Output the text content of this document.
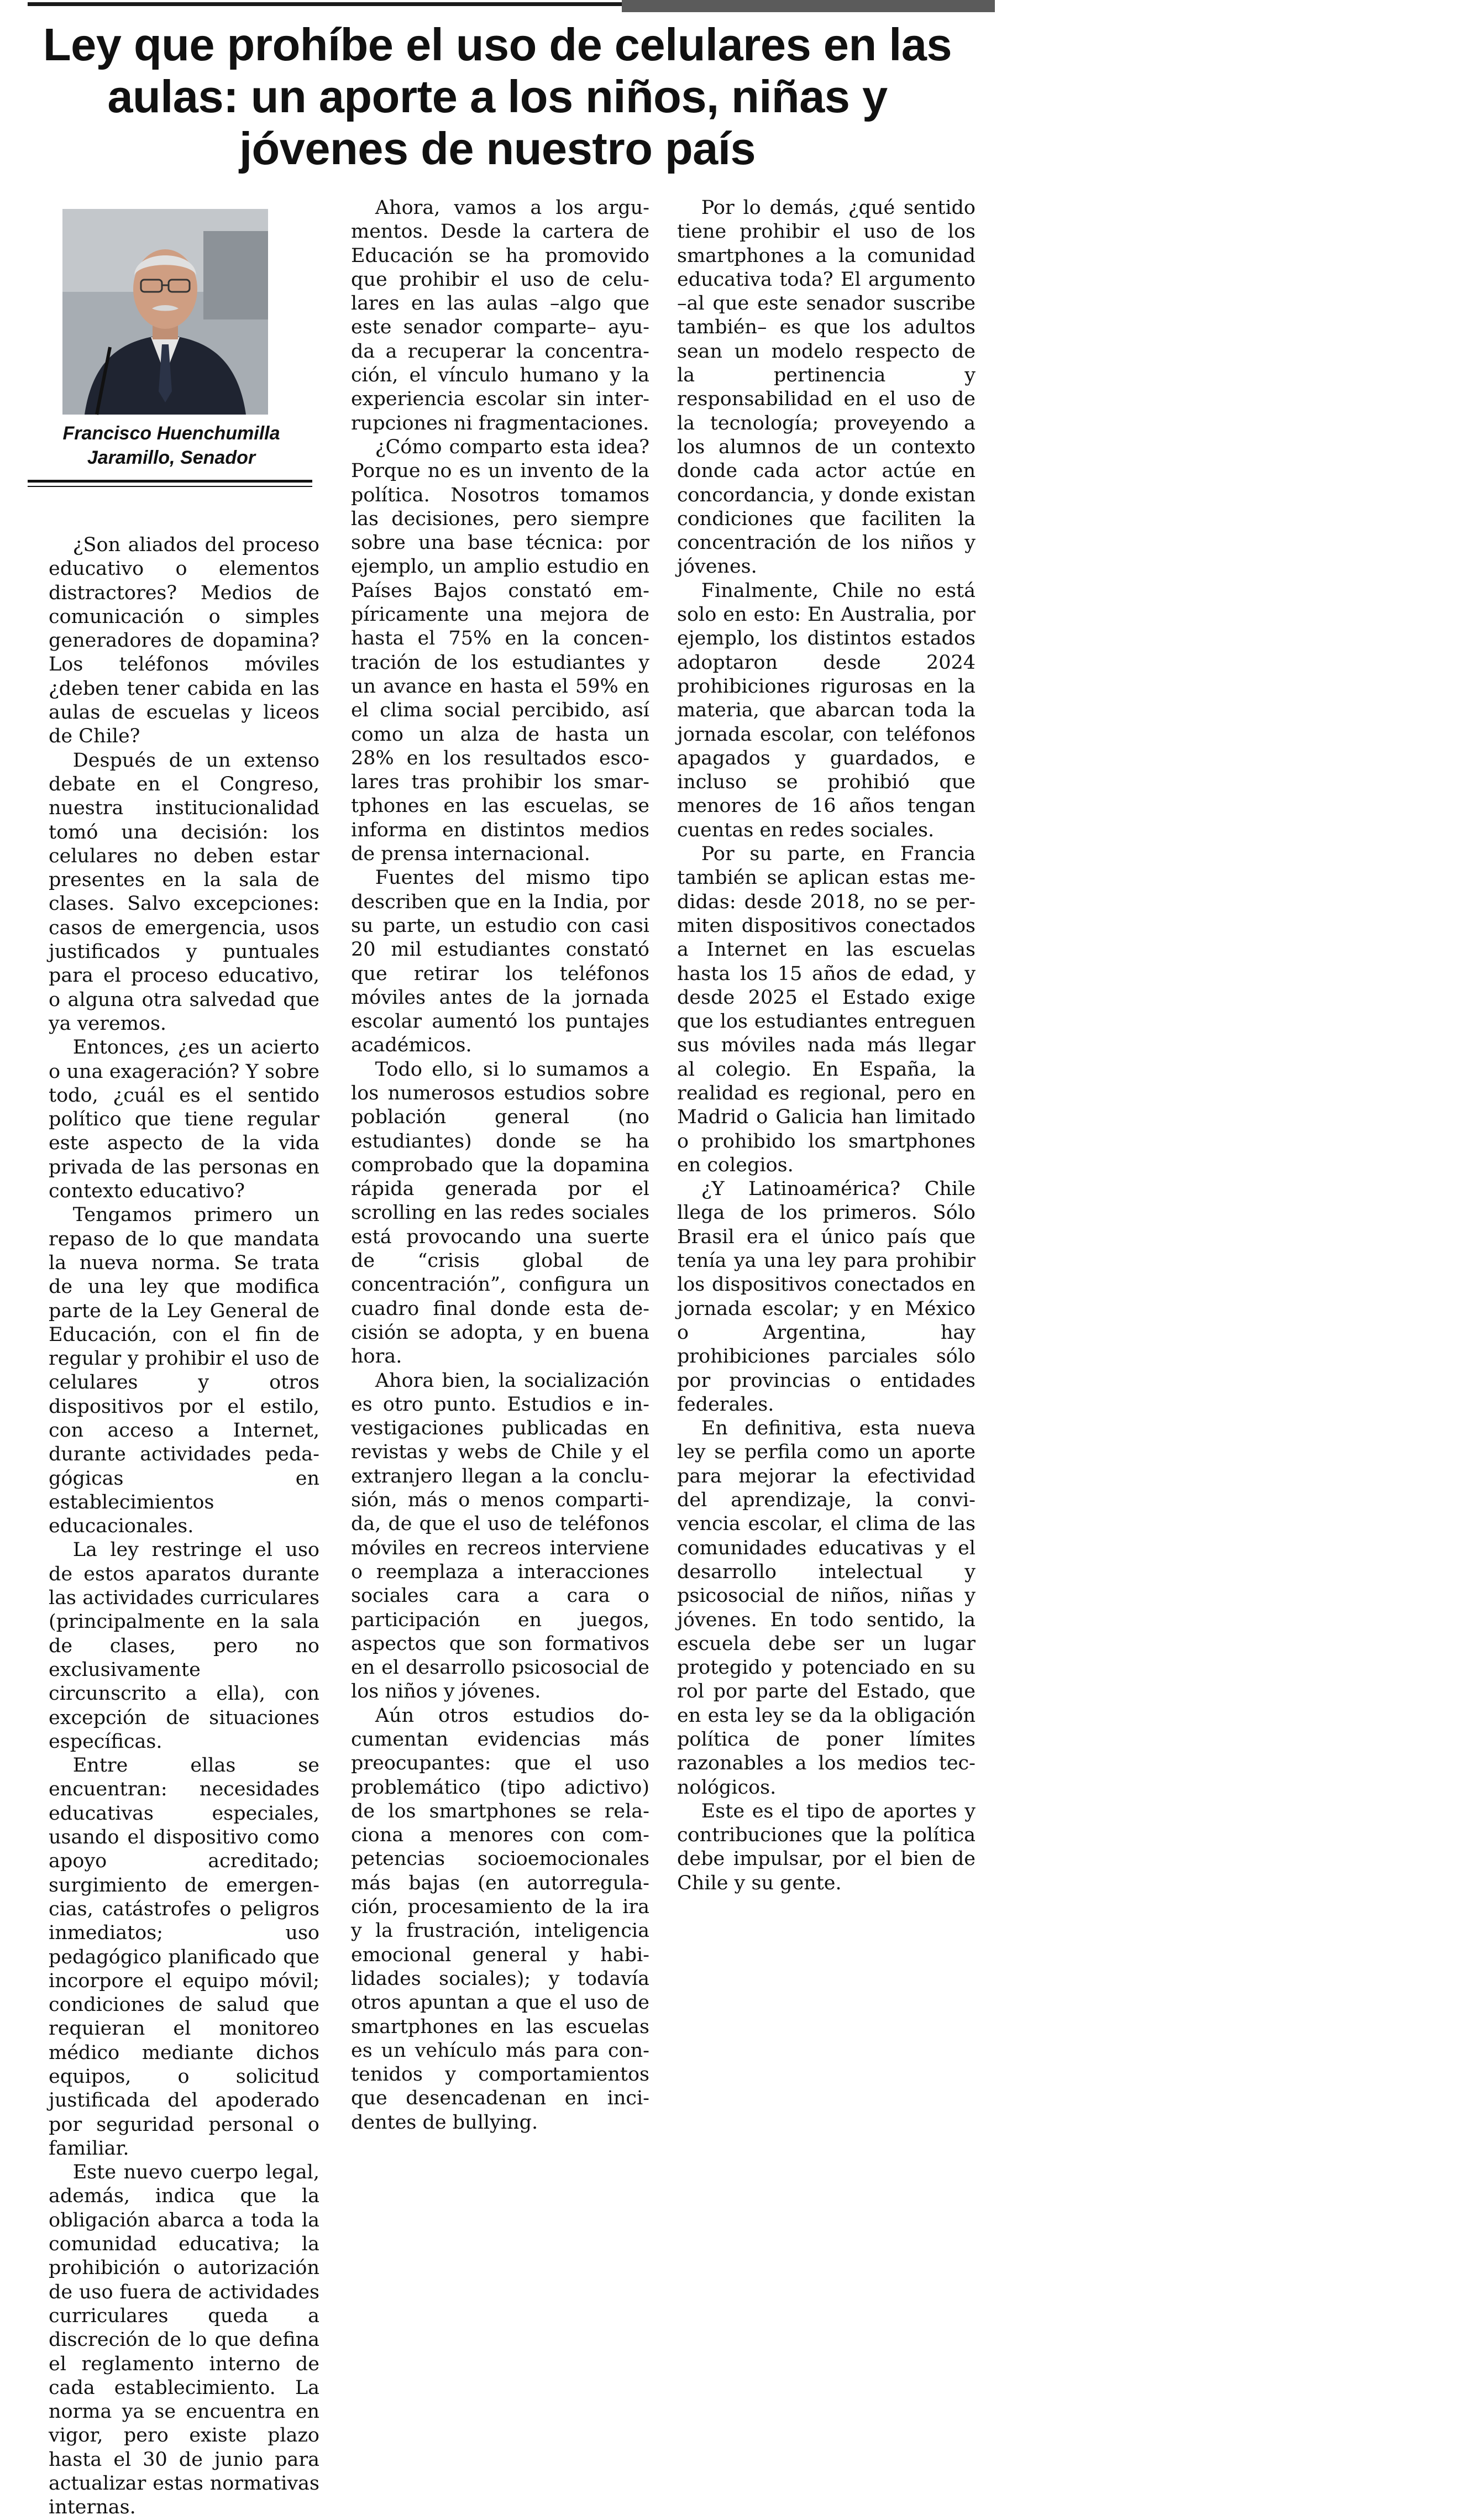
✿
Ley que prohíbe el uso de celulares en las aulas: un aporte a los niños, niñas y jóvenes de nuestro país
Francisco Huenchumilla Jaramillo, Senador

¿Son aliados del proceso educativo o elementos distractores? Medios de comunicación o simples generadores de dopamina? Los teléfonos móviles ¿deben tener cabida en las aulas de escuelas y liceos de Chile?

Después de un extenso debate en el Congreso, nuestra institucionalidad tomó una decisión: los celulares no deben estar presentes en la sala de clases. Salvo excepciones: casos de emergencia, usos justificados y puntuales para el proceso educativo, o alguna otra salvedad que ya veremos.

Entonces, ¿es un acierto o una exageración? Y sobre todo, ¿cuál es el sentido político que tiene regular este aspecto de la vida privada de las personas en contexto educativo?

Tengamos primero un repaso de lo que mandata la nueva norma. Se trata de una ley que modifica parte de la Ley General de Educación, con el fin de regular y prohibir el uso de celulares y otros dispositivos por el estilo, con acceso a Internet, durante actividades pedagógicas en establecimientos educacionales.

La ley restringe el uso de estos aparatos durante las actividades curriculares (principalmente en la sala de clases, pero no exclusivamente circunscrito a ella), con excepción de situaciones específicas.

Entre ellas se encuentran: necesidades educativas especiales, usando el dispositivo como apoyo acreditado; surgimiento de emergencias, catástrofes o peligros inmediatos; uso pedagógico planificado que incorpore el equipo móvil; condiciones de salud que requieran el monitoreo médico mediante dichos equipos, o solicitud justificada del apoderado por seguridad personal o familiar.

Este nuevo cuerpo legal, además, indica que la obligación abarca a toda la comunidad educativa; la prohibición o autorización de uso fuera de actividades curriculares queda a discreción de lo que defina el reglamento interno de cada establecimiento. La norma ya se encuentra en vigor, pero existe plazo hasta el 30 de junio para actualizar estas normativas internas.

Ahora, vamos a los argumentos. Desde la cartera de Educación se ha promovido que prohibir el uso de celulares en las aulas –algo que este senador comparte– ayuda a recuperar la concentración, el vínculo humano y la experiencia escolar sin interrupciones ni fragmentaciones.

¿Cómo comparto esta idea? Porque no es un invento de la política. Nosotros tomamos las decisiones, pero siempre sobre una base técnica: por ejemplo, un amplio estudio en Países Bajos constató empíricamente una mejora de hasta el 75% en la concentración de los estudiantes y un avance en hasta el 59% en el clima social percibido, así como un alza de hasta un 28% en los resultados escolares tras prohibir los smartphones en las escuelas, se informa en distintos medios de prensa internacional.

Fuentes del mismo tipo describen que en la India, por su parte, un estudio con casi 20 mil estudiantes constató que retirar los teléfonos móviles antes de la jornada escolar aumentó los puntajes académicos.

Todo ello, si lo sumamos a los numerosos estudios sobre población general (no estudiantes) donde se ha comprobado que la dopamina rápida generada por el scrolling en las redes sociales está provocando una suerte de “crisis global de concentración”, configura un cuadro final donde esta decisión se adopta, y en buena hora.

Ahora bien, la socialización es otro punto. Estudios e investigaciones publicadas en revistas y webs de Chile y el extranjero llegan a la conclusión, más o menos compartida, de que el uso de teléfonos móviles en recreos interviene o reemplaza a interacciones sociales cara a cara o participación en juegos, aspectos que son formativos en el desarrollo psicosocial de los niños y jóvenes.

Aún otros estudios documentan evidencias más preocupantes: que el uso problemático (tipo adictivo) de los smartphones se relaciona a menores con competencias socioemocionales más bajas (en autorregulación, procesamiento de la ira y la frustración, inteligencia emocional general y habilidades sociales); y todavía otros apuntan a que el uso de smartphones en las escuelas es un vehículo más para contenidos y comportamientos que desencadenan en incidentes de bullying.

Por lo demás, ¿qué sentido tiene prohibir el uso de los smartphones a la comunidad educativa toda? El argumento –al que este senador suscribe también– es que los adultos sean un modelo respecto de la pertinencia y responsabilidad en el uso de la tecnología; proveyendo a los alumnos de un contexto donde cada actor actúe en concordancia, y donde existan condiciones que faciliten la concentración de los niños y jóvenes.

Finalmente, Chile no está solo en esto: En Australia, por ejemplo, los distintos estados adoptaron desde 2024 prohibiciones rigurosas en la materia, que abarcan toda la jornada escolar, con teléfonos apagados y guardados, e incluso se prohibió que menores de 16 años tengan cuentas en redes sociales.

Por su parte, en Francia también se aplican estas medidas: desde 2018, no se permiten dispositivos conectados a Internet en las escuelas hasta los 15 años de edad, y desde 2025 el Estado exige que los estudiantes entreguen sus móviles nada más llegar al colegio. En España, la realidad es regional, pero en Madrid o Galicia han limitado o prohibido los smartphones en colegios.

¿Y Latinoamérica? Chile llega de los primeros. Sólo Brasil era el único país que tenía ya una ley para prohibir los dispositivos conectados en jornada escolar; y en México o Argentina, hay prohibiciones parciales sólo por provincias o entidades federales.

En definitiva, esta nueva ley se perfila como un aporte para mejorar la efectividad del aprendizaje, la convivencia escolar, el clima de las comunidades educativas y el desarrollo intelectual y psicosocial de niños, niñas y jóvenes. En todo sentido, la escuela debe ser un lugar protegido y potenciado en su rol por parte del Estado, que en esta ley se da la obligación política de poner límites razonables a los medios tecnológicos.

Este es el tipo de aportes y contribuciones que la política debe impulsar, por el bien de Chile y su gente.
